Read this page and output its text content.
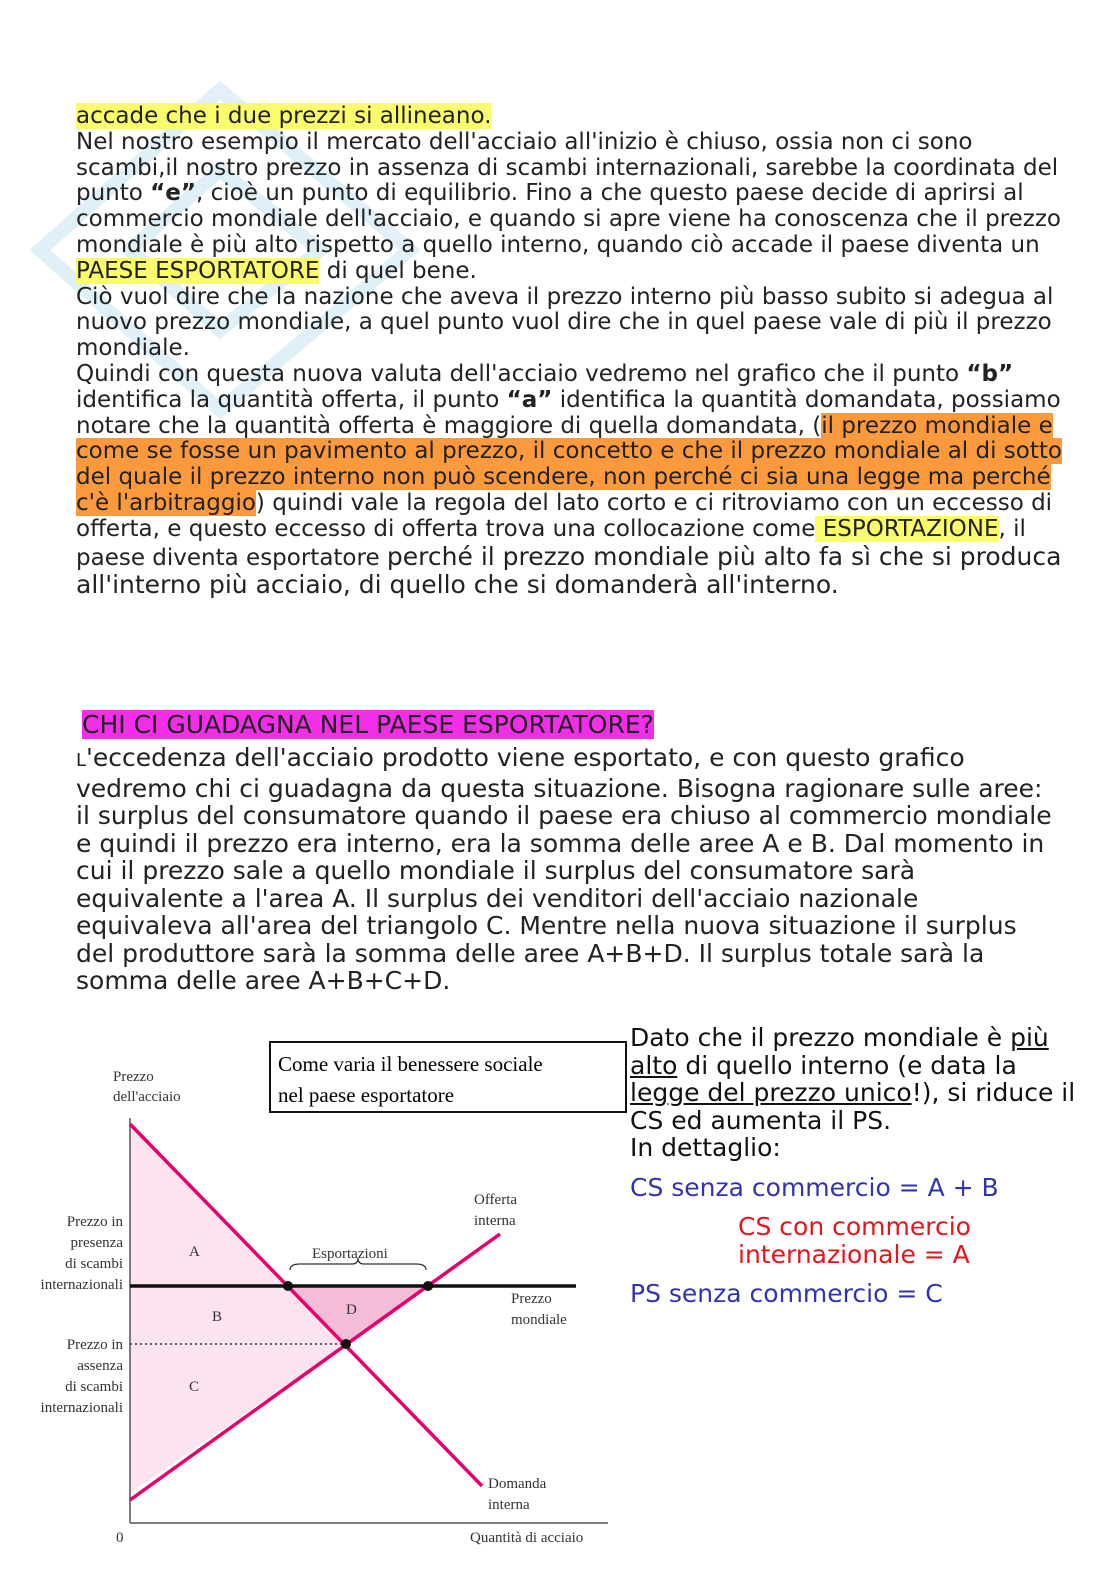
accade che i due prezzi si allineano.
Nel nostro esempio il mercato dell'acciaio all'inizio è chiuso, ossia non ci sono scambi,il nostro prezzo in assenza di scambi internazionali, sarebbe la coordinata del punto “e”, cioè un punto di equilibrio. Fino a che questo paese decide di aprirsi al commercio mondiale dell'acciaio, e quando si apre viene ha conoscenza che il prezzo mondiale è più alto rispetto a quello interno, quando ciò accade il paese diventa un PAESE ESPORTATORE di quel bene.
Ciò vuol dire che la nazione che aveva il prezzo interno più basso subito si adegua al nuovo prezzo mondiale, a quel punto vuol dire che in quel paese vale di più il prezzo mondiale.
Quindi con questa nuova valuta dell'acciaio vedremo nel grafico che il punto “b” identifica la quantità offerta, il punto “a” identifica la quantità domandata, possiamo notare che la quantità offerta è maggiore di quella domandata, (il prezzo mondiale e come se fosse un pavimento al prezzo, il concetto e che il prezzo mondiale al di sotto del quale il prezzo interno non può scendere, non perché ci sia una legge ma perché c'è l'arbitraggio) quindi vale la regola del lato corto e ci ritroviamo con un eccesso di offerta, e questo eccesso di offerta trova una collocazione come ESPORTAZIONE, il paese diventa esportatore perché il prezzo mondiale più alto fa sì che si produca all'interno più acciaio, di quello che si domanderà all'interno.
CHI CI GUADAGNA NEL PAESE ESPORTATORE?
L'eccedenza dell'acciaio prodotto viene esportato, e con questo grafico vedremo chi ci guadagna da questa situazione. Bisogna ragionare sulle aree: il surplus del consumatore quando il paese era chiuso al commercio mondiale e quindi il prezzo era interno, era la somma delle aree A e B. Dal momento in cui il prezzo sale a quello mondiale il surplus del consumatore sarà equivalente a l'area A. Il surplus dei venditori dell'acciaio nazionale equivaleva all'area del triangolo C. Mentre nella nuova situazione il surplus del produttore sarà la somma delle aree A+B+D. Il surplus totale sarà la somma delle aree A+B+C+D.
Come varia il benessere sociale
nel paese esportatore
Prezzo
dell'acciaio
Quantità di acciaio
0
Prezzo in
presenza
di scambi
internazionali
Prezzo in
assenza
di scambi
internazionali
Offerta
interna
Prezzo
mondiale
Domanda
interna
Esportazioni
A
B
C
D
Dato che il prezzo mondiale è più alto di quello interno (e data la legge del prezzo unico!), si riduce il CS ed aumenta il PS.
In dettaglio:
CS senza commercio = A + B
CS con commercio internazionale = A
PS senza commercio = C
